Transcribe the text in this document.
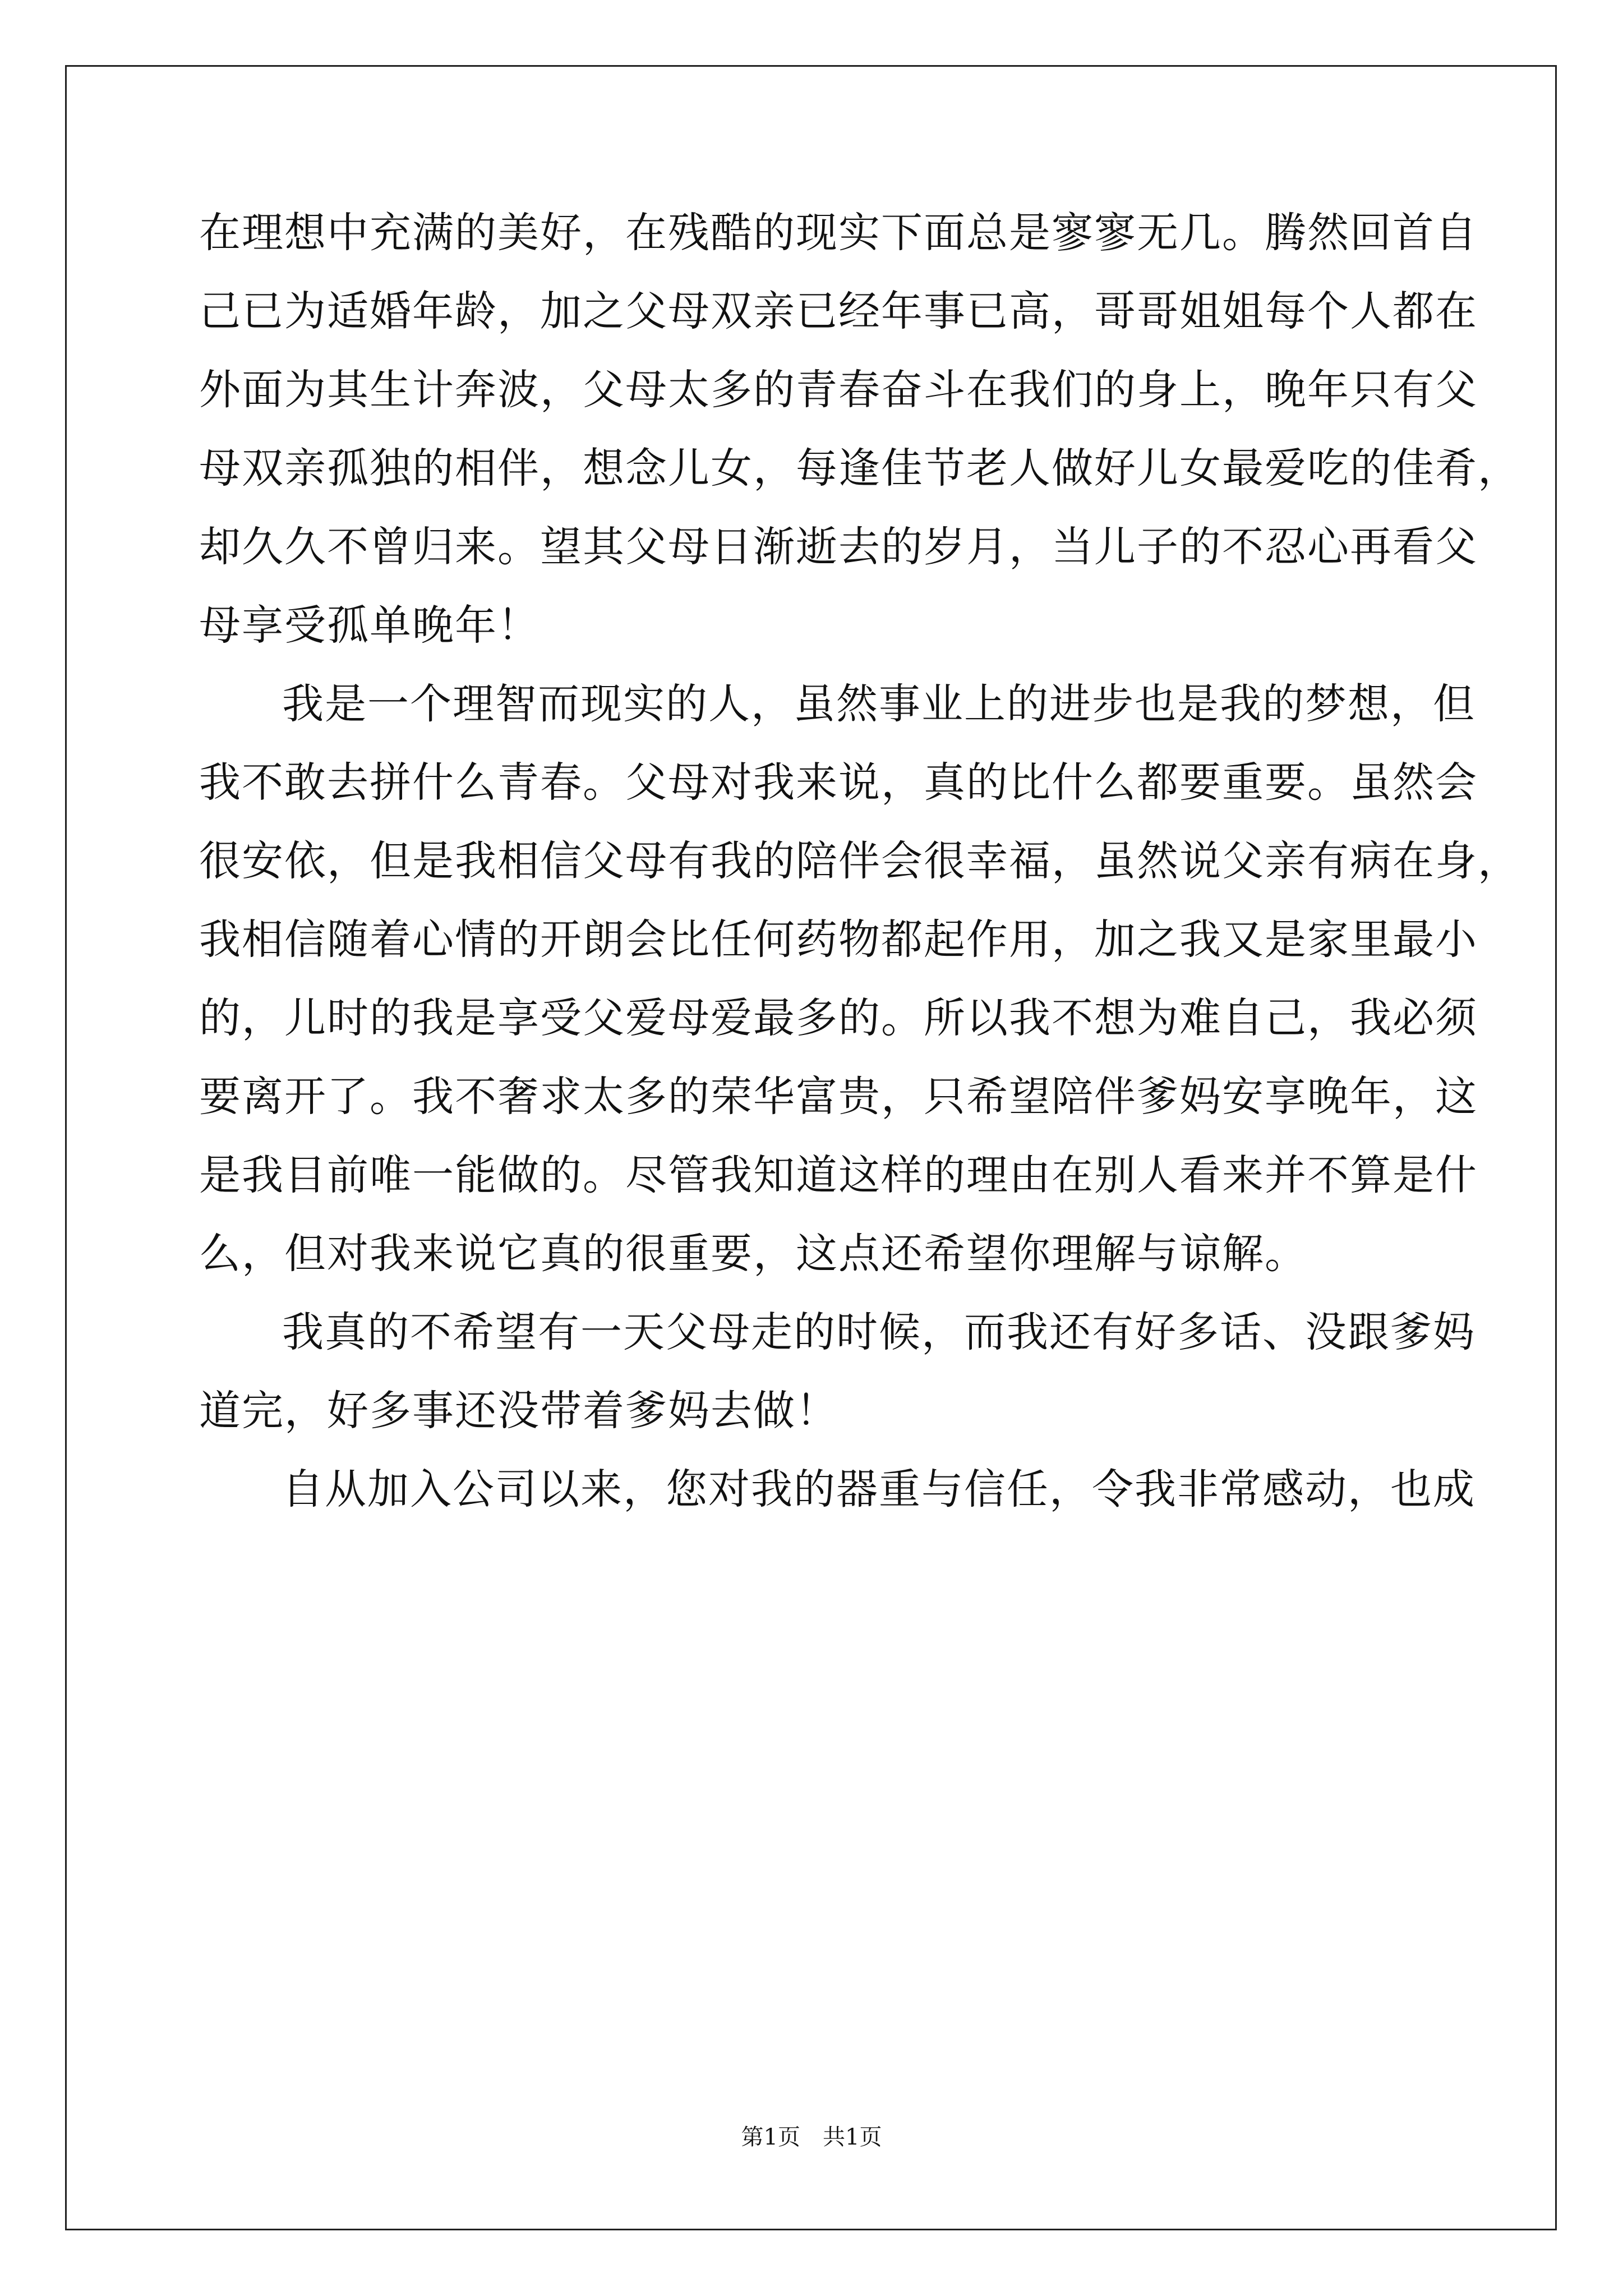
在理想中充满的美好，在残酷的现实下面总是寥寥无几。腾然回首自
己已为适婚年龄，加之父母双亲已经年事已高，哥哥姐姐每个人都在
外面为其生计奔波，父母太多的青春奋斗在我们的身上，晚年只有父
母双亲孤独的相伴，想念儿女，每逢佳节老人做好儿女最爱吃的佳肴，
却久久不曾归来。望其父母日渐逝去的岁月，当儿子的不忍心再看父
母享受孤单晚年！
我是一个理智而现实的人，虽然事业上的进步也是我的梦想，但
我不敢去拼什么青春。父母对我来说，真的比什么都要重要。虽然会
很安依，但是我相信父母有我的陪伴会很幸福，虽然说父亲有病在身，
我相信随着心情的开朗会比任何药物都起作用，加之我又是家里最小
的，儿时的我是享受父爱母爱最多的。所以我不想为难自己，我必须
要离开了。我不奢求太多的荣华富贵，只希望陪伴爹妈安享晚年，这
是我目前唯一能做的。尽管我知道这样的理由在别人看来并不算是什
么，但对我来说它真的很重要，这点还希望你理解与谅解。
我真的不希望有一天父母走的时候，而我还有好多话、没跟爹妈
道完，好多事还没带着爹妈去做！
自从加入公司以来，您对我的器重与信任，令我非常感动，也成
第1页 共1页
